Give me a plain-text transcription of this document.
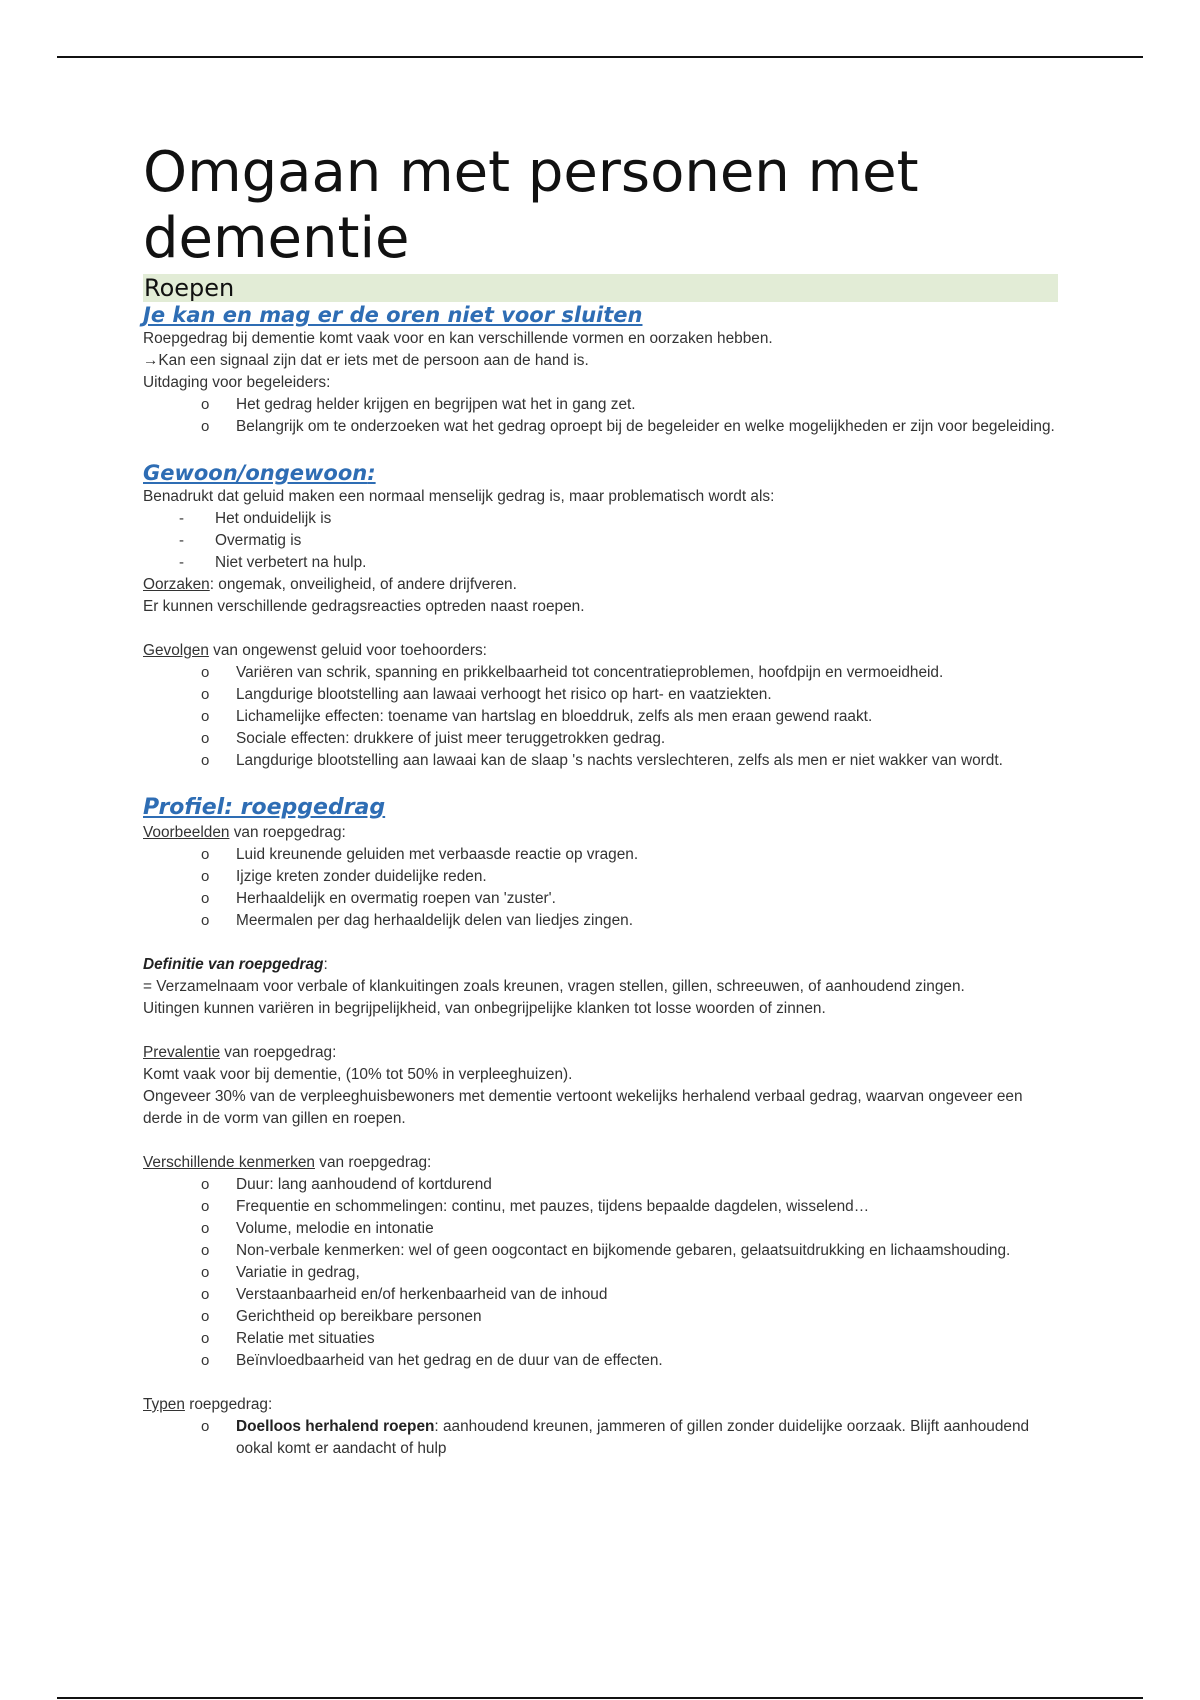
Omgaan met personen met dementie
Roepen

Je kan en mag er de oren niet voor sluiten

Roepgedrag bij dementie komt vaak voor en kan verschillende vormen en oorzaken hebben.

→Kan een signaal zijn dat er iets met de persoon aan de hand is.

Uitdaging voor begeleiders:

o Het gedrag helder krijgen en begrijpen wat het in gang zet.
o Belangrijk om te onderzoeken wat het gedrag oproept bij de begeleider en welke mogelijkheden er zijn voor begeleiding.

Gewoon/ongewoon:

Benadrukt dat geluid maken een normaal menselijk gedrag is, maar problematisch wordt als:

- Het onduidelijk is
- Overmatig is
- Niet verbetert na hulp.

Oorzaken: ongemak, onveiligheid, of andere drijfveren.

Er kunnen verschillende gedragsreacties optreden naast roepen.

Gevolgen van ongewenst geluid voor toehoorders:

o Variëren van schrik, spanning en prikkelbaarheid tot concentratieproblemen, hoofdpijn en vermoeidheid.
o Langdurige blootstelling aan lawaai verhoogt het risico op hart- en vaatziekten.
o Lichamelijke effecten: toename van hartslag en bloeddruk, zelfs als men eraan gewend raakt.
o Sociale effecten: drukkere of juist meer teruggetrokken gedrag.
o Langdurige blootstelling aan lawaai kan de slaap 's nachts verslechteren, zelfs als men er niet wakker van wordt.

Profiel: roepgedrag

Voorbeelden van roepgedrag:

o Luid kreunende geluiden met verbaasde reactie op vragen.
o Ijzige kreten zonder duidelijke reden.
o Herhaaldelijk en overmatig roepen van 'zuster'.
o Meermalen per dag herhaaldelijk delen van liedjes zingen.

Definitie van roepgedrag:

= Verzamelnaam voor verbale of klankuitingen zoals kreunen, vragen stellen, gillen, schreeuwen, of aanhoudend zingen.

Uitingen kunnen variëren in begrijpelijkheid, van onbegrijpelijke klanken tot losse woorden of zinnen.

Prevalentie van roepgedrag:

Komt vaak voor bij dementie, (10% tot 50% in verpleeghuizen).

Ongeveer 30% van de verpleeghuisbewoners met dementie vertoont wekelijks herhalend verbaal gedrag, waarvan ongeveer een derde in de vorm van gillen en roepen.

Verschillende kenmerken van roepgedrag:

o Duur: lang aanhoudend of kortdurend
o Frequentie en schommelingen: continu, met pauzes, tijdens bepaalde dagdelen, wisselend…
o Volume, melodie en intonatie
o Non-verbale kenmerken: wel of geen oogcontact en bijkomende gebaren, gelaatsuitdrukking en lichaamshouding.
o Variatie in gedrag,
o Verstaanbaarheid en/of herkenbaarheid van de inhoud
o Gerichtheid op bereikbare personen
o Relatie met situaties
o Beïnvloedbaarheid van het gedrag en de duur van de effecten.

Typen roepgedrag:

o Doelloos herhalend roepen: aanhoudend kreunen, jammeren of gillen zonder duidelijke oorzaak. Blijft aanhoudend ookal komt er aandacht of hulp
